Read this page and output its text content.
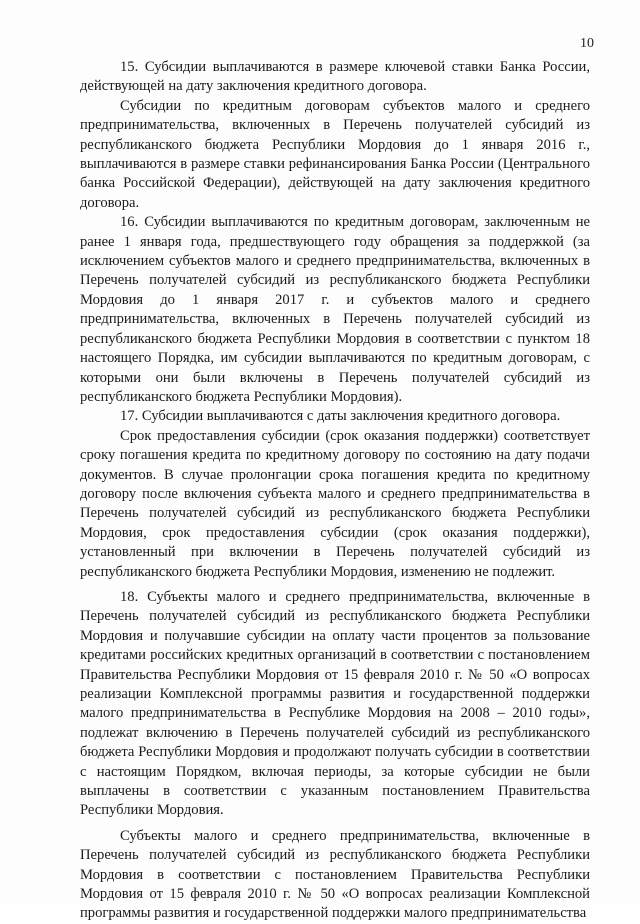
10

15. Субсидии выплачиваются в размере ключевой ставки Банка России, действующей на дату заключения кредитного договора.

Субсидии по кредитным договорам субъектов малого и среднего предпринимательства, включенных в Перечень получателей субсидий из республиканского бюджета Республики Мордовия до 1 января 2016 г., выплачиваются в размере ставки рефинансирования Банка России (Центрального банка Российской Федерации), действующей на дату заключения кредитного договора.

16. Субсидии выплачиваются по кредитным договорам, заключенным не ранее 1 января года, предшествующего году обращения за поддержкой (за исключением субъектов малого и среднего предпринимательства, включенных в Перечень получателей субсидий из республиканского бюджета Республики Мордовия до 1 января 2017 г. и субъектов малого и среднего предпринимательства, включенных в Перечень получателей субсидий из республиканского бюджета Республики Мордовия в соответствии с пунктом 18 настоящего Порядка, им субсидии выплачиваются по кредитным договорам, с которыми они были включены в Перечень получателей субсидий из республиканского бюджета Республики Мордовия).

17. Субсидии выплачиваются с даты заключения кредитного договора.

Срок предоставления субсидии (срок оказания поддержки) соответствует сроку погашения кредита по кредитному договору по состоянию на дату подачи документов. В случае пролонгации срока погашения кредита по кредитному договору после включения субъекта малого и среднего предпринимательства в Перечень получателей субсидий из республиканского бюджета Республики Мордовия, срок предоставления субсидии (срок оказания поддержки), установленный при включении в Перечень получателей субсидий из республиканского бюджета Республики Мордовия, изменению не подлежит.

18. Субъекты малого и среднего предпринимательства, включенные в Перечень получателей субсидий из республиканского бюджета Республики Мордовия и получавшие субсидии на оплату части процентов за пользование кредитами российских кредитных организаций в соответствии с постановлением Правительства Республики Мордовия от 15 февраля 2010 г. № 50 «О вопросах реализации Комплексной программы развития и государственной поддержки малого предпринимательства в Республике Мордовия на 2008 – 2010 годы», подлежат включению в Перечень получателей субсидий из республиканского бюджета Республики Мордовия и продолжают получать субсидии в соответствии с настоящим Порядком, включая периоды, за которые субсидии не были выплачены в соответствии с указанным постановлением Правительства Республики Мордовия.

Субъекты малого и среднего предпринимательства, включенные в Перечень получателей субсидий из республиканского бюджета Республики Мордовия в соответствии с постановлением Правительства Республики Мордовия от 15 февраля 2010 г. № 50 «О вопросах реализации Комплексной программы развития и государственной поддержки малого предпринимательства
